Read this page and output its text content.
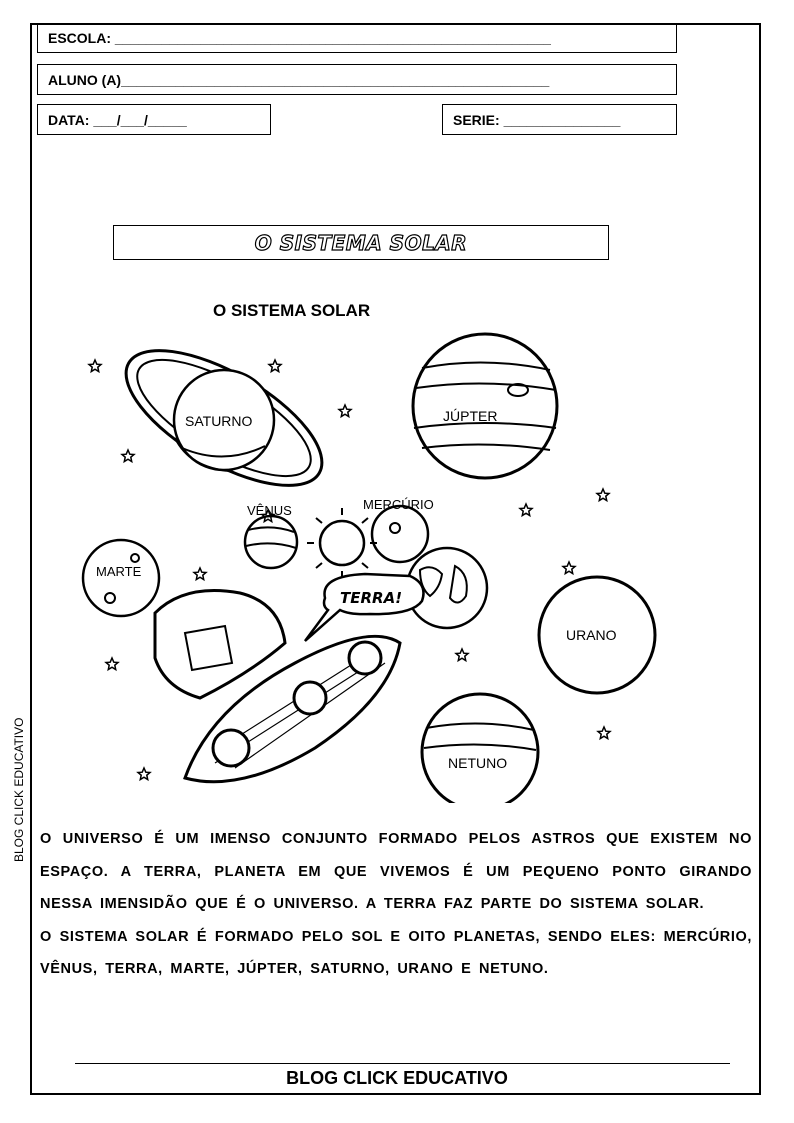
ESCOLA: ________________________________________________________
ALUNO (A)_______________________________________________________
DATA: ___/___/_____	SERIE: _______________
BLOG CLICK EDUCATIVO
O SISTEMA SOLAR
O SISTEMA SOLAR
SATURNO	JÚPTER
VÊNUS	MERCÚRIO
MARTE
URANO
NETUNO
TERRA!

O UNIVERSO É UM IMENSO CONJUNTO FORMADO PELOS ASTROS QUE EXISTEM NO ESPAÇO. A TERRA, PLANETA EM QUE VIVEMOS É UM PEQUENO PONTO GIRANDO NESSA IMENSIDÃO QUE É O UNIVERSO. A TERRA FAZ PARTE DO SISTEMA SOLAR.

O SISTEMA SOLAR É FORMADO PELO SOL E OITO PLANETAS, SENDO ELES: MERCÚRIO, VÊNUS, TERRA, MARTE, JÚPTER, SATURNO, URANO E NETUNO.

BLOG CLICK EDUCATIVO
